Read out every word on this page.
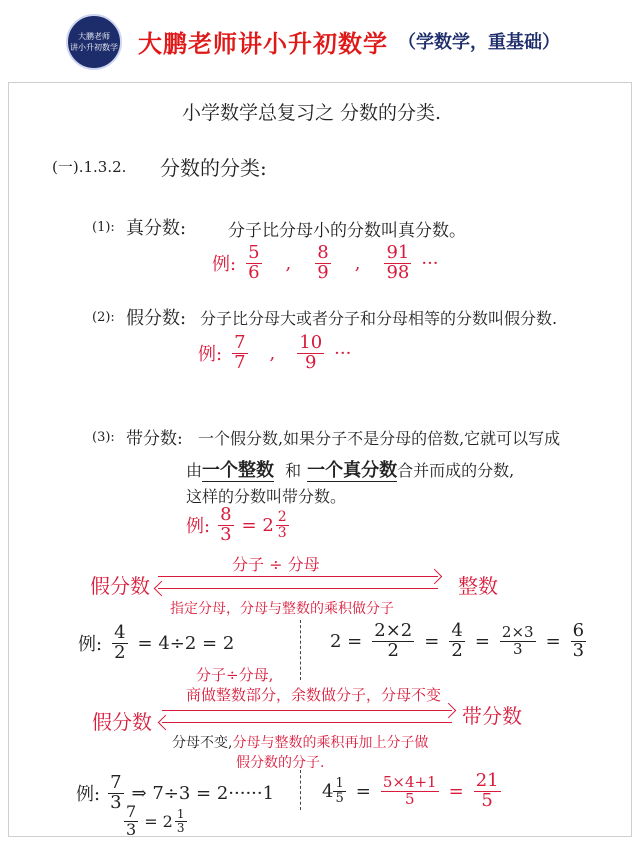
大鹏老师
讲小升初数学 大鹏老师讲小升初数学 （学数学，重基础）
小学数学总复习之 分数的分类.
(一).1.3.2. 分数的分类:
(1): 真分数: 分子比分母小的分数叫真分数。
例: $\frac{5}{6}$ , $\frac{8}{9}$ , $\frac{91}{98}$ ···
(2): 假分数: 分子比分母大或者分子和分母相等的分数叫假分数.
例: $\frac{7}{7}$ , $\frac{10}{9}$ ···
(3): 带分数: 一个假分数,如果分子不是分母的倍数,它就可以写成
由一个整数 和 一个真分数合并而成的分数,
这样的分数叫带分数。
例: $\frac{8}{3} = 2 \frac{2}{3}$
假分数	整数
分子 ÷ 分母
指定分母，分母与整数的乘积做分子
例: $\frac{4}{2} = 4\div 2 = 2$	$2 = \frac{2\times 2}{2} = \frac{4}{2} = \frac{2\times 3}{3} = \frac{6}{3}$
分子÷分母,
商做整数部分，余数做分子，分母不变
假分数	带分数
分母不变,分母与整数的乘积再加上分子做
假分数的分子.
例: $\frac{7}{3}$ ⇒ 7÷3 = 2······1
$\frac{7}{3} = 2 \frac{1}{3}$
$4 \frac{1}{5} = \frac{5\times 4+1}{5} = \frac{21}{5}$
